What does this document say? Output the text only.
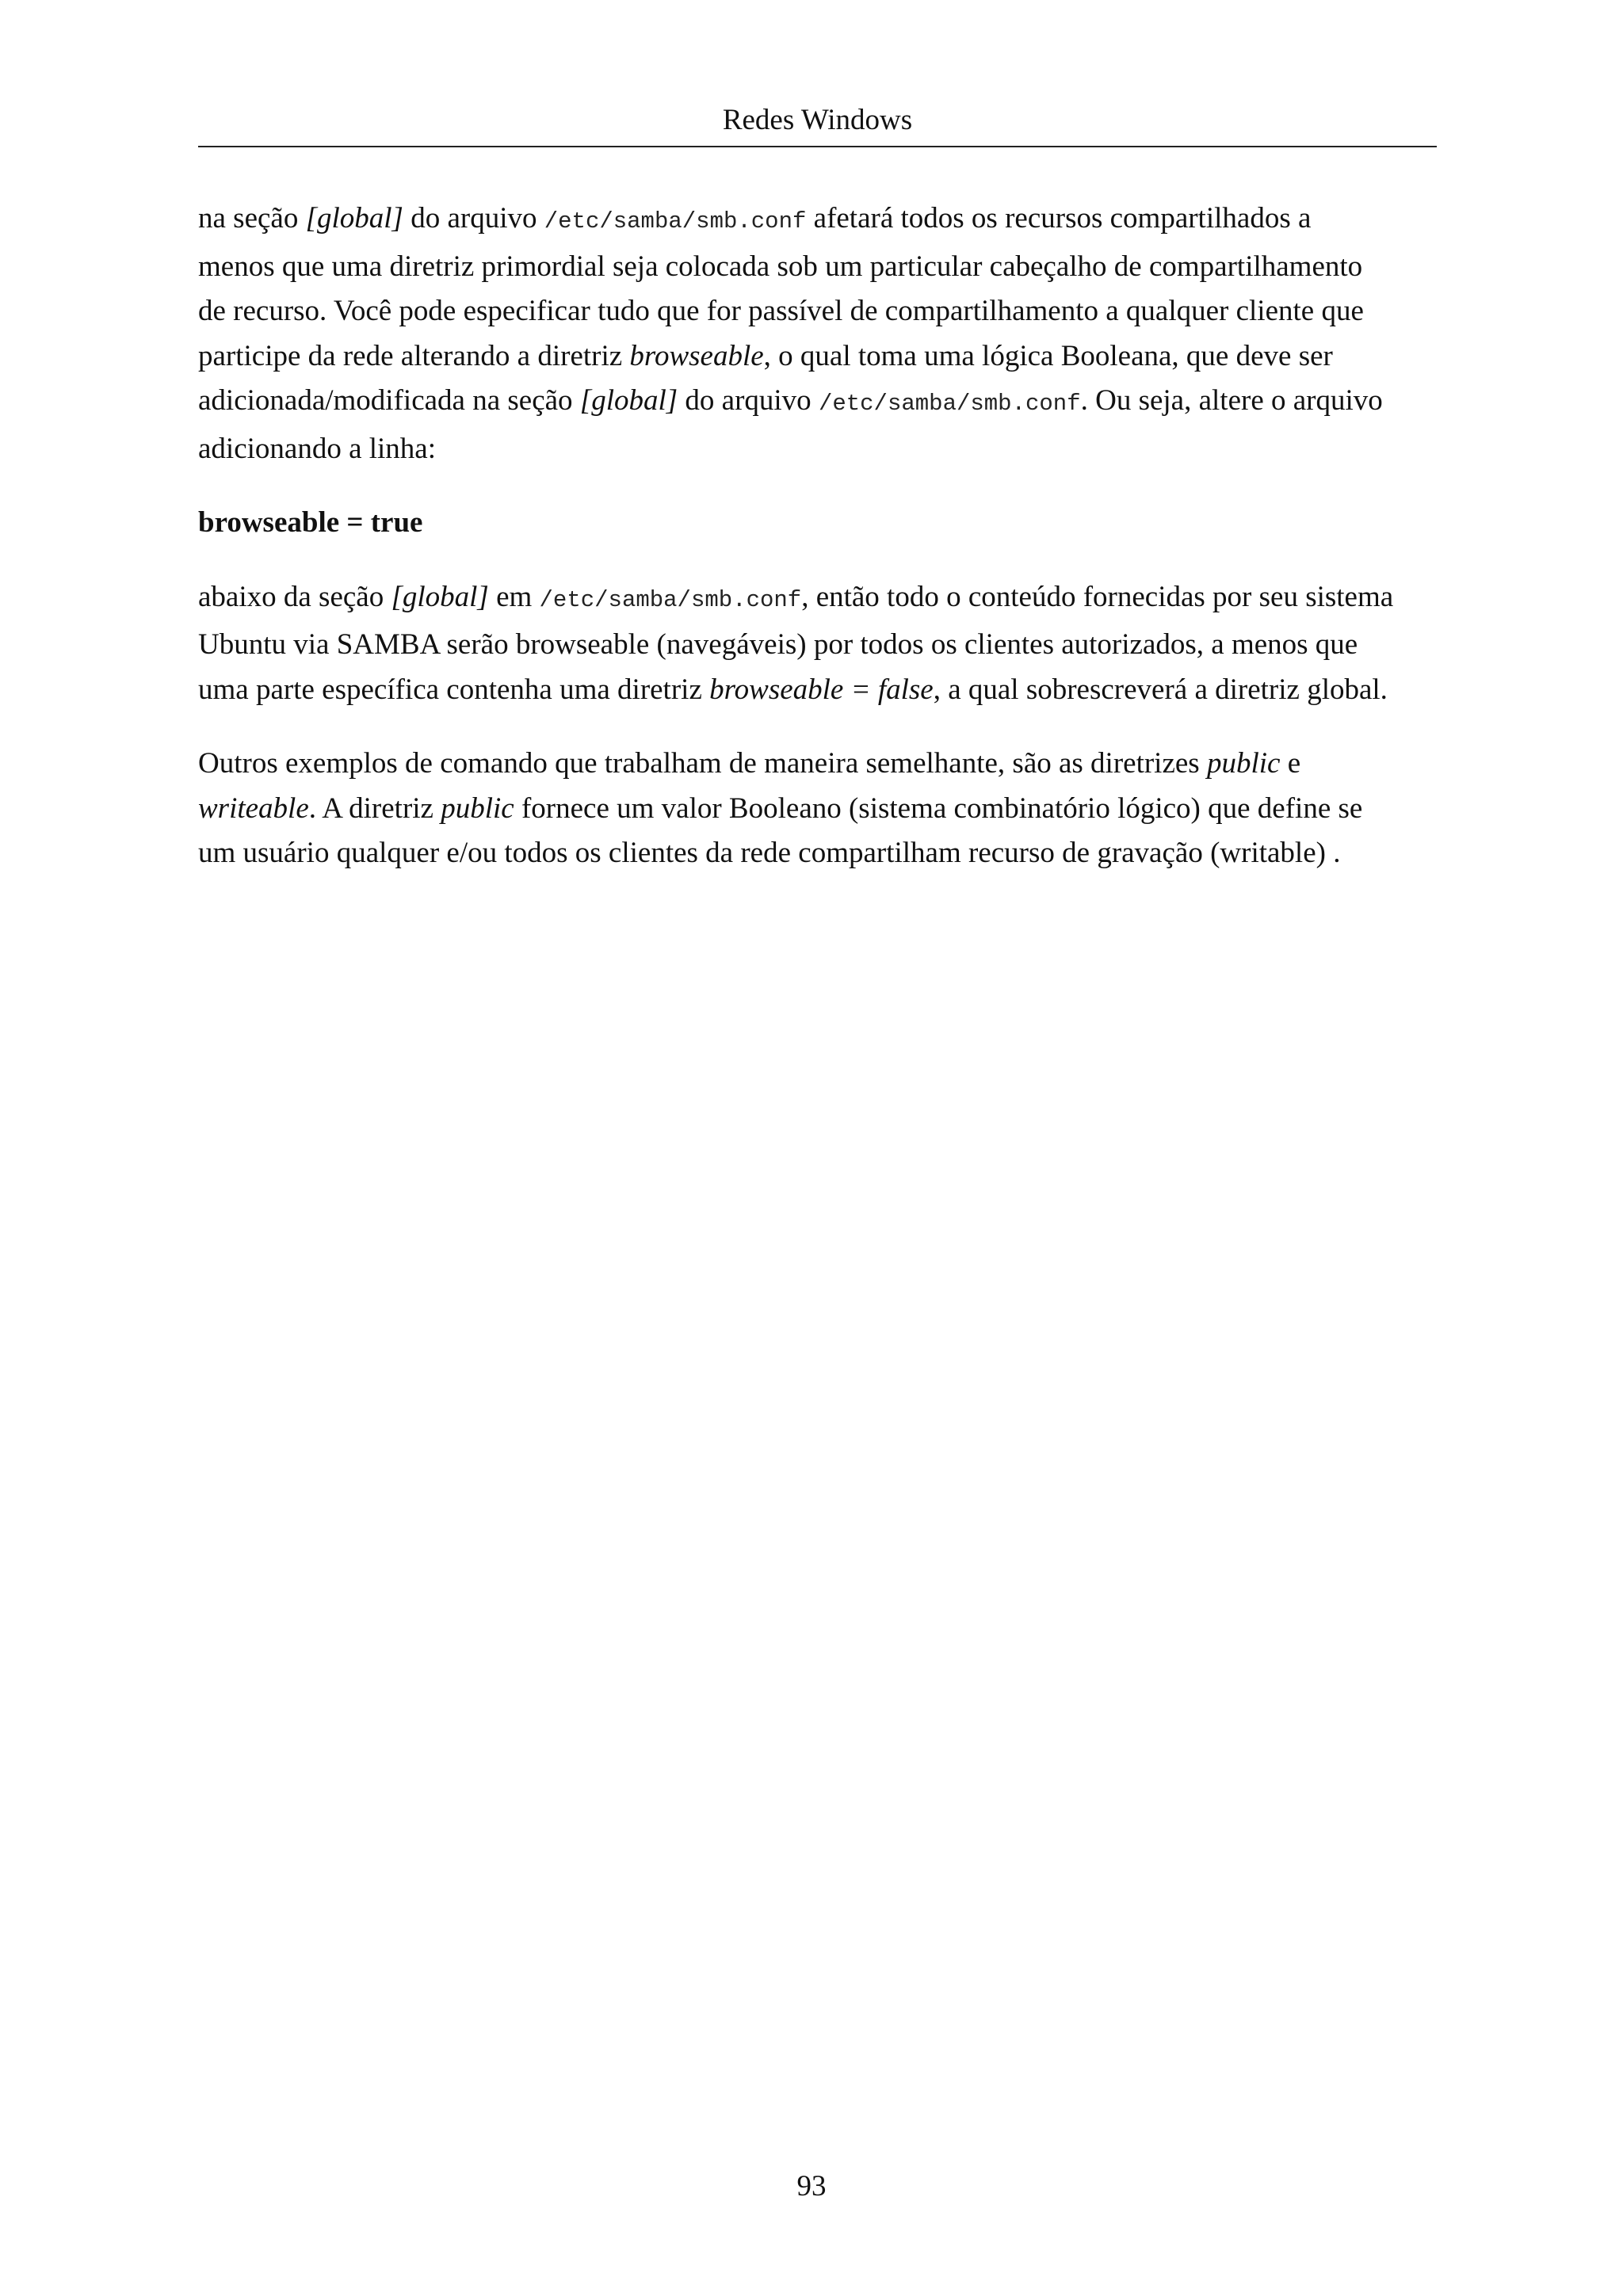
Redes Windows

na seção [global] do arquivo /etc/samba/smb.conf afetará todos os recursos compartilhados a
menos que uma diretriz primordial seja colocada sob um particular cabeçalho de compartilhamento
de recurso. Você pode especificar tudo que for passível de compartilhamento a qualquer cliente que
participe da rede alterando a diretriz browseable, o qual toma uma lógica Booleana, que deve ser
adicionada/modificada na seção [global] do arquivo /etc/samba/smb.conf. Ou seja, altere o arquivo
adicionando a linha:

browseable = true

abaixo da seção [global] em /etc/samba/smb.conf, então todo o conteúdo fornecidas por seu sistema
Ubuntu via SAMBA serão browseable (navegáveis) por todos os clientes autorizados, a menos que
uma parte específica contenha uma diretriz browseable = false, a qual sobrescreverá a diretriz global.

Outros exemplos de comando que trabalham de maneira semelhante, são as diretrizes public e
writeable. A diretriz public fornece um valor Booleano (sistema combinatório lógico) que define se
um usuário qualquer e/ou todos os clientes da rede compartilham recurso de gravação (writable) .

93
